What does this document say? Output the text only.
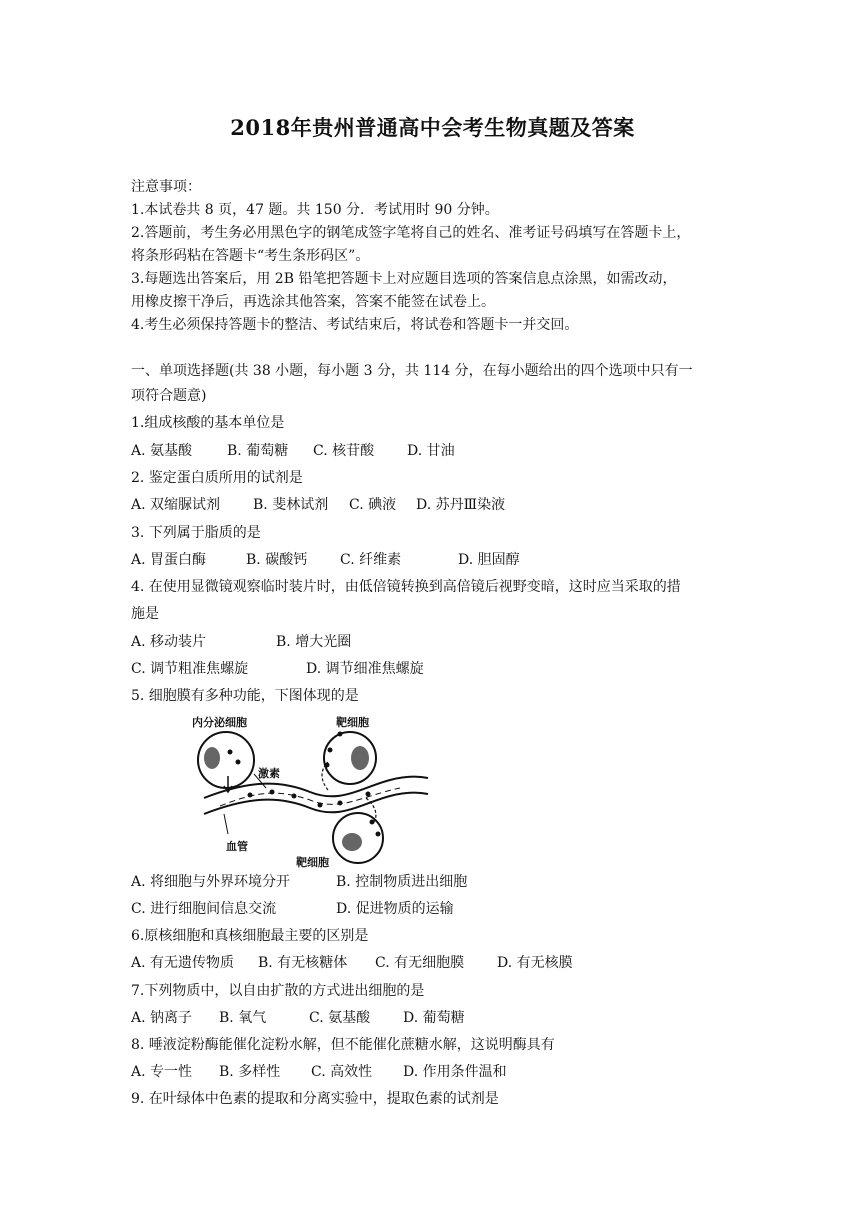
2018年贵州普通高中会考生物真题及答案
注意事项：
1.本试卷共 8 页，47 题。共 150 分．考试用时 90 分钟。
2.答题前，考生务必用黑色字的钢笔成签字笔将自己的姓名、准考证号码填写在答题卡上，
将条形码粘在答题卡“考生条形码区”。
3.每题选出答案后，用 2B 铅笔把答题卡上对应题目选项的答案信息点涂黑，如需改动，
用橡皮擦干净后，再选涂其他答案，答案不能签在试卷上。
4.考生必须保持答题卡的整洁、考试结束后，将试卷和答题卡一并交回。
一、单项选择题(共 38 小题，每小题 3 分，共 114 分，在每小题给出的四个选项中只有一
项符合题意)
1.组成核酸的基本单位是
A. 氨基酸 B. 葡萄糖 C. 核苷酸 D. 甘油
2. 鉴定蛋白质所用的试剂是
A. 双缩脲试剂 B. 斐林试剂 C. 碘液 D. 苏丹Ⅲ染液
3. 下列属于脂质的是
A. 胃蛋白酶	B. 碳酸钙 C. 纤维素	D. 胆固醇
4. 在使用显微镜观察临时装片时，由低倍镜转换到高倍镜后视野变暗，这时应当采取的措
施是
A. 移动装片	B. 增大光圈
C. 调节粗准焦螺旋	D. 调节细准焦螺旋
5. 细胞膜有多种功能，下图体现的是
内分泌细胞	靶细胞
激素
血管
靶细胞
A. 将细胞与外界环境分开	B. 控制物质进出细胞
C. 进行细胞间信息交流	D. 促进物质的运输
6.原核细胞和真核细胞最主要的区别是
A. 有无遗传物质 B. 有无核糖体 C. 有无细胞膜 D. 有无核膜
7.下列物质中，以自由扩散的方式进出细胞的是
A. 钠离子 B. 氧气	C. 氨基酸 D. 葡萄糖
8. 唾液淀粉酶能催化淀粉水解，但不能催化蔗糖水解，这说明酶具有
A. 专一性 B. 多样性 C. 高效性 D. 作用条件温和
9. 在叶绿体中色素的提取和分离实验中，提取色素的试剂是
